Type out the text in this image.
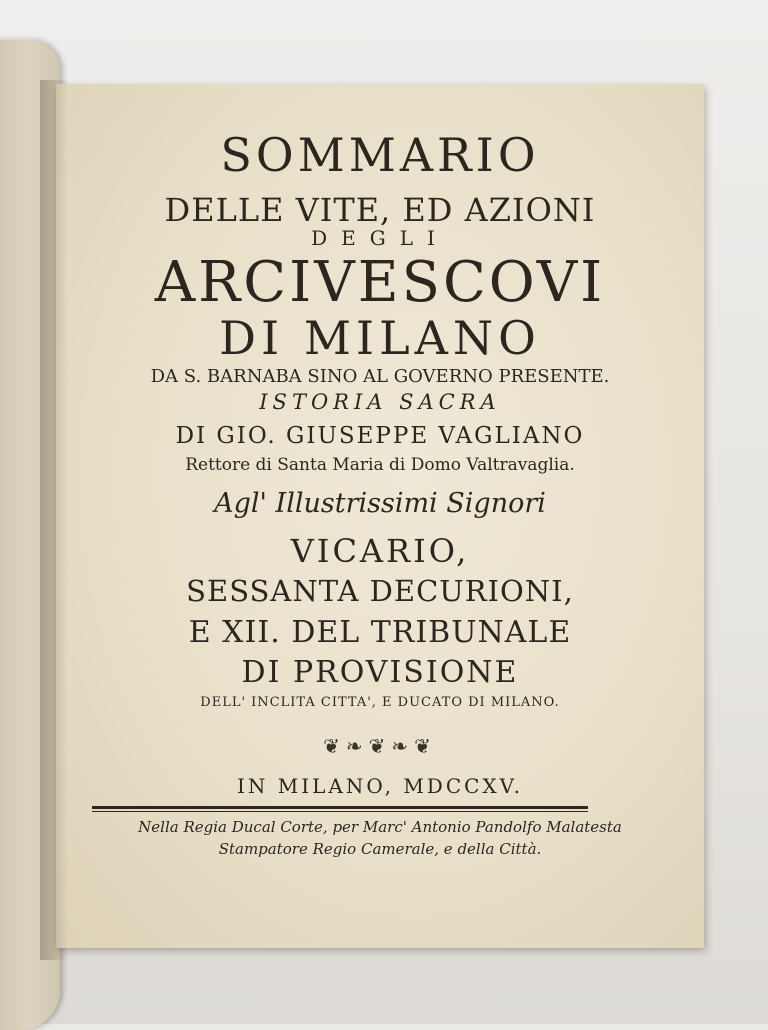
SOMMARIO
DELLE VITE, ED AZIONI
DEGLI
ARCIVESCOVI
DI MILANO
DA S. BARNABA SINO AL GOVERNO PRESENTE.
ISTORIA SACRA
DI GIO. GIUSEPPE VAGLIANO
Rettore di Santa Maria di Domo Valtravaglia.
Agl' Illustrissimi Signori
VICARIO,
SESSANTA DECURIONI,
E XII. DEL TRIBUNALE
DI PROVISIONE
DELL' INCLITA CITTA', E DUCATO DI MILANO.
❦❧❦❧❦
IN MILANO, MDCCXV.
Nella Regia Ducal Corte, per Marc' Antonio Pandolfo Malatesta
Stampatore Regio Camerale, e della Città.
